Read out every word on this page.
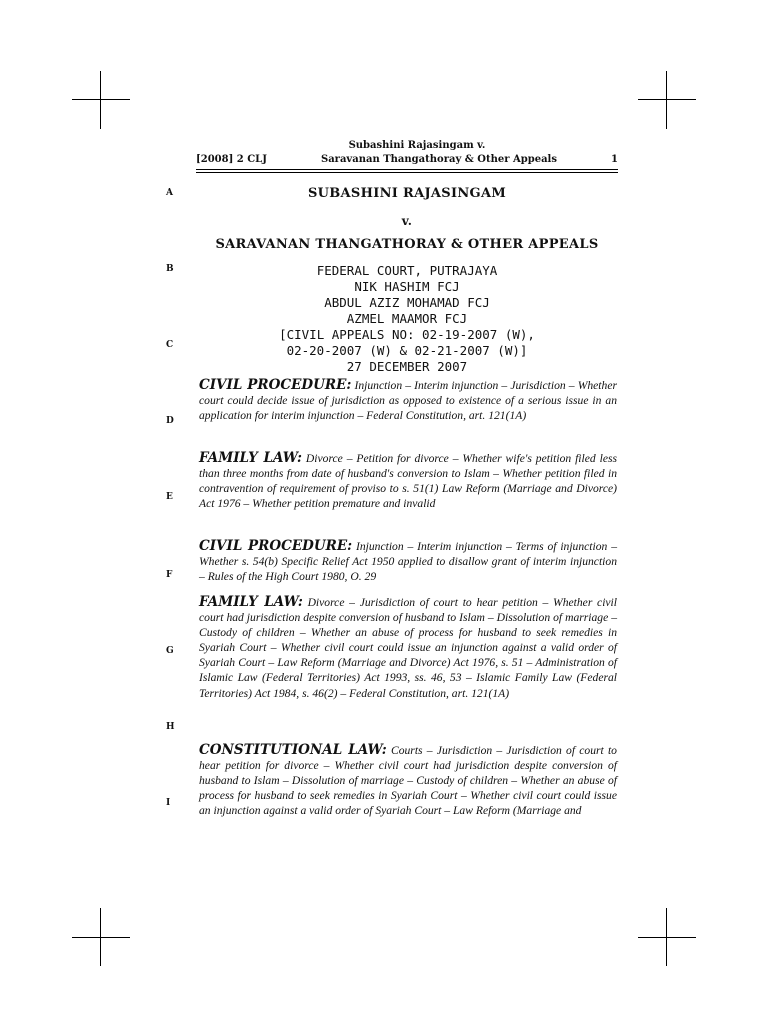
Subashini Rajasingam v.
[2008] 2 CLJ	Saravanan Thangathoray & Other Appeals	1
A
B
C
D
E
F
G
H
I
SUBASHINI RAJASINGAM
v.
SARAVANAN THANGATHORAY & OTHER APPEALS
FEDERAL COURT, PUTRAJAYA
NIK HASHIM FCJ
ABDUL AZIZ MOHAMAD FCJ
AZMEL MAAMOR FCJ
[CIVIL APPEALS NO: 02-19-2007 (W),
02-20-2007 (W) & 02-21-2007 (W)]
27 DECEMBER 2007
CIVIL PROCEDURE: Injunction – Interim injunction – Jurisdiction – Whether court could decide issue of jurisdiction as opposed to existence of a serious issue in an application for interim injunction – Federal Constitution, art. 121(1A)
FAMILY LAW: Divorce – Petition for divorce – Whether wife's petition filed less than three months from date of husband's conversion to Islam – Whether petition filed in contravention of requirement of proviso to s. 51(1) Law Reform (Marriage and Divorce) Act 1976 – Whether petition premature and invalid
CIVIL PROCEDURE: Injunction – Interim injunction – Terms of injunction – Whether s. 54(b) Specific Relief Act 1950 applied to disallow grant of interim injunction – Rules of the High Court 1980, O. 29
FAMILY LAW: Divorce – Jurisdiction of court to hear petition – Whether civil court had jurisdiction despite conversion of husband to Islam – Dissolution of marriage – Custody of children – Whether an abuse of process for husband to seek remedies in Syariah Court – Whether civil court could issue an injunction against a valid order of Syariah Court – Law Reform (Marriage and Divorce) Act 1976, s. 51 – Administration of Islamic Law (Federal Territories) Act 1993, ss. 46, 53 – Islamic Family Law (Federal Territories) Act 1984, s. 46(2) – Federal Constitution, art. 121(1A)
CONSTITUTIONAL LAW: Courts – Jurisdiction – Jurisdiction of court to hear petition for divorce – Whether civil court had jurisdiction despite conversion of husband to Islam – Dissolution of marriage – Custody of children – Whether an abuse of process for husband to seek remedies in Syariah Court – Whether civil court could issue an injunction against a valid order of Syariah Court – Law Reform (Marriage and
